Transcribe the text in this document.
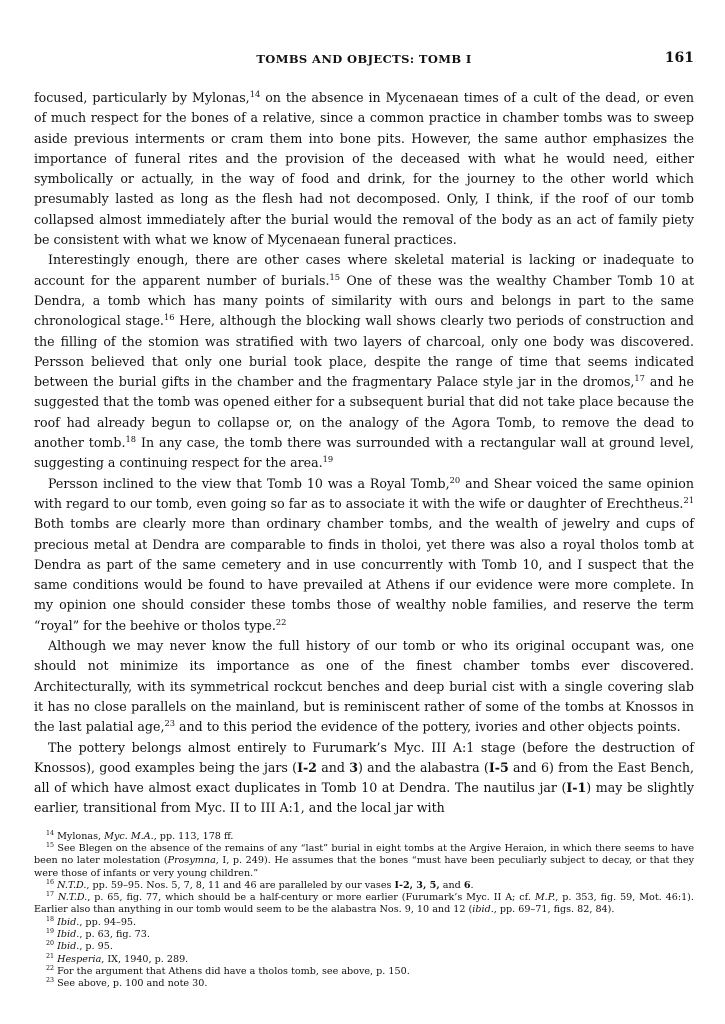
TOMBS AND OBJECTS: TOMB I	161

focused, particularly by Mylonas,$^{14}$ on the absence in Mycenaean times of a cult of the dead, or even of much respect for the bones of a relative, since a common practice in chamber tombs was to sweep aside previous interments or cram them into bone pits. However, the same author emphasizes the importance of funeral rites and the provision of the deceased with what he would need, either symbolically or actually, in the way of food and drink, for the journey to the other world which presumably lasted as long as the flesh had not decomposed. Only, I think, if the roof of our tomb collapsed almost immediately after the burial would the removal of the body as an act of family piety be consistent with what we know of Mycenaean funeral practices.

Interestingly enough, there are other cases where skeletal material is lacking or inadequate to account for the apparent number of burials.$^{15}$ One of these was the wealthy Chamber Tomb 10 at Dendra, a tomb which has many points of similarity with ours and belongs in part to the same chronological stage.$^{16}$ Here, although the blocking wall shows clearly two periods of construction and the filling of the stomion was stratified with two layers of charcoal, only one body was discovered. Persson believed that only one burial took place, despite the range of time that seems indicated between the burial gifts in the chamber and the fragmentary Palace style jar in the dromos,$^{17}$ and he suggested that the tomb was opened either for a subsequent burial that did not take place because the roof had already begun to collapse or, on the analogy of the Agora Tomb, to remove the dead to another tomb.$^{18}$ In any case, the tomb there was surrounded with a rectangular wall at ground level, suggesting a continuing respect for the area.$^{19}$

Persson inclined to the view that Tomb 10 was a Royal Tomb,$^{20}$ and Shear voiced the same opinion with regard to our tomb, even going so far as to associate it with the wife or daughter of Erechtheus.$^{21}$ Both tombs are clearly more than ordinary chamber tombs, and the wealth of jewelry and cups of precious metal at Dendra are comparable to finds in tholoi, yet there was also a royal tholos tomb at Dendra as part of the same cemetery and in use concurrently with Tomb 10, and I suspect that the same conditions would be found to have prevailed at Athens if our evidence were more complete. In my opinion one should consider these tombs those of wealthy noble families, and reserve the term “royal” for the beehive or tholos type.$^{22}$

Although we may never know the full history of our tomb or who its original occupant was, one should not minimize its importance as one of the finest chamber tombs ever discovered. Architecturally, with its symmetrical rockcut benches and deep burial cist with a single covering slab it has no close parallels on the mainland, but is reminiscent rather of some of the tombs at Knossos in the last palatial age,$^{23}$ and to this period the evidence of the pottery, ivories and other objects points.

The pottery belongs almost entirely to Furumark’s Myc. III A:1 stage (before the destruction of Knossos), good examples being the jars (I-2 and 3) and the alabastra (I-5 and 6) from the East Bench, all of which have almost exact duplicates in Tomb 10 at Dendra. The nautilus jar (I-1) may be slightly earlier, transitional from Myc. II to III A:1, and the local jar with

$^{14}$ Mylonas, Myc. M.A., pp. 113, 178 ff.

$^{15}$ See Blegen on the absence of the remains of any “last” burial in eight tombs at the Argive Heraion, in which there seems to have been no later molestation (Prosymna, I, p. 249). He assumes that the bones “must have been peculiarly subject to decay, or that they were those of infants or very young children.”

$^{16}$ N.T.D., pp. 59–95. Nos. 5, 7, 8, 11 and 46 are paralleled by our vases I-2, 3, 5, and 6.

$^{17}$ N.T.D., p. 65, fig. 77, which should be a half-century or more earlier (Furumark’s Myc. II A; cf. M.P., p. 353, fig. 59, Mot. 46:1). Earlier also than anything in our tomb would seem to be the alabastra Nos. 9, 10 and 12 (ibid., pp. 69–71, figs. 82, 84).

$^{18}$ Ibid., pp. 94–95.

$^{19}$ Ibid., p. 63, fig. 73.

$^{20}$ Ibid., p. 95.

$^{21}$ Hesperia, IX, 1940, p. 289.

$^{22}$ For the argument that Athens did have a tholos tomb, see above, p. 150.

$^{23}$ See above, p. 100 and note 30.
